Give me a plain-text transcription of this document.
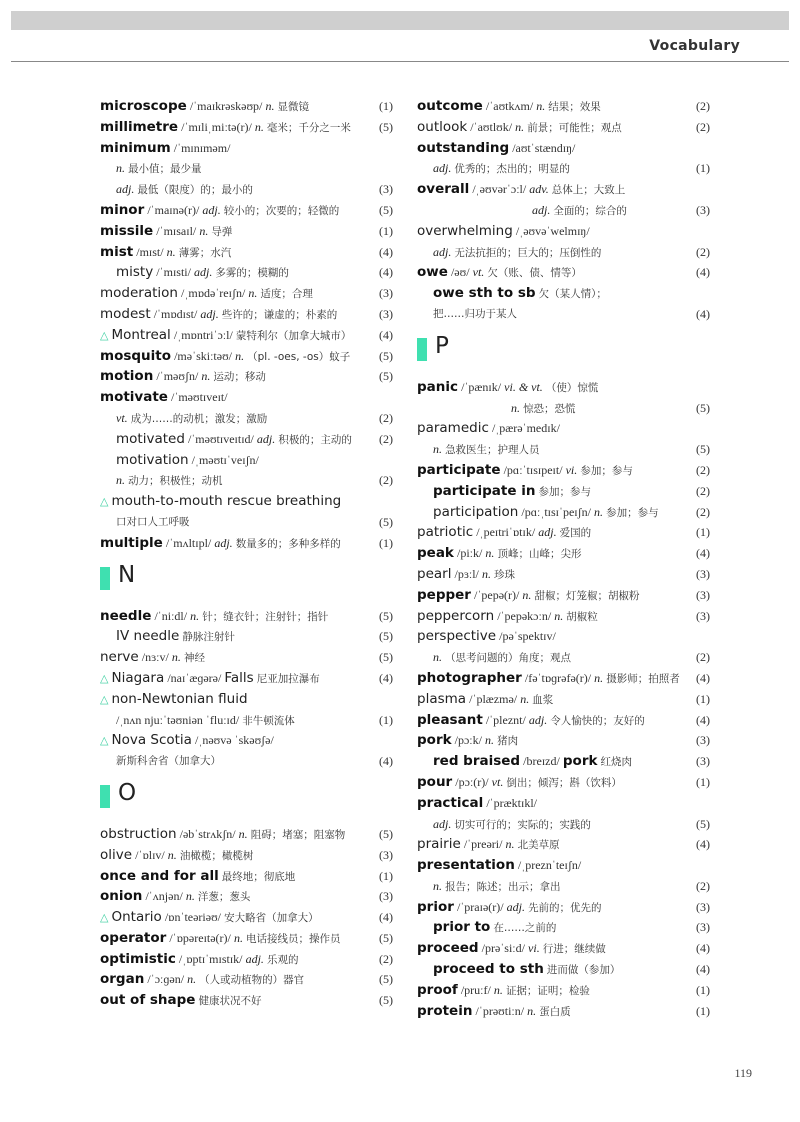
Vocabulary
microscope /ˈmaɪkrəskəʊp/ n. 显微镜	(1)
millimetre /ˈmɪliˌmiːtə(r)/ n. 毫米；千分之一米 (5)
minimum /ˈmɪnɪməm/
n. 最小值；最少量
adj. 最低（限度）的；最小的	(3)
minor /ˈmaɪnə(r)/ adj. 较小的；次要的；轻微的	(5)
missile /ˈmɪsaɪl/ n. 导弹	(1)
mist /mɪst/ n. 薄雾；水汽	(4)
misty /ˈmɪsti/ adj. 多雾的；模糊的	(4)
moderation /ˌmɒdəˈreɪʃn/ n. 适度；合理	(3)
modest /ˈmɒdɪst/ adj. 些许的；谦虚的；朴素的	(3)
△ Montreal /ˌmɒntriˈɔːl/ 蒙特利尔（加拿大城市） (4)
mosquito /məˈskiːtəʊ/ n. （pl. -oes, -os）蚊子 (5)
motion /ˈməʊʃn/ n. 运动；移动	(5)
motivate /ˈməʊtɪveɪt/
vt. 成为……的动机；激发；激励	(2)
motivated /ˈməʊtɪveɪtɪd/ adj. 积极的；主动的 (2)
motivation /ˌməʊtɪˈveɪʃn/
n. 动力；积极性；动机	(2)
△ mouth-to-mouth rescue breathing
口对口人工呼吸	(5)
multiple /ˈmʌltɪpl/ adj. 数量多的；多种多样的	(1)
N
needle /ˈniːdl/ n. 针；缝衣针；注射针；指针	(5)
IV needle 静脉注射针	(5)
nerve /nɜːv/ n. 神经	(5)
△ Niagara /naɪˈæɡərə/ Falls 尼亚加拉瀑布	(4)
△ non-Newtonian fluid
/ˌnʌn njuːˈtəʊniən ˈfluːɪd/ 非牛顿流体	(1)
△ Nova Scotia /ˌnəʊvə ˈskəʊʃə/
新斯科舍省（加拿大）	(4)
O
obstruction /əbˈstrʌkʃn/ n. 阻碍；堵塞；阻塞物	(5)
olive /ˈɒlɪv/ n. 油橄榄；橄榄树	(3)
once and for all 最终地；彻底地	(1)
onion /ˈʌnjən/ n. 洋葱；葱头	(3)
△ Ontario /ɒnˈteəriəʊ/ 安大略省（加拿大）	(4)
operator /ˈɒpəreɪtə(r)/ n. 电话接线员；操作员	(5)
optimistic /ˌɒptɪˈmɪstɪk/ adj. 乐观的	(2)
organ /ˈɔːɡən/ n. （人或动植物的）器官	(5)
out of shape 健康状况不好	(5)
outcome /ˈaʊtkʌm/ n. 结果；效果	(2)
outlook /ˈaʊtlʊk/ n. 前景；可能性；观点	(2)
outstanding /aʊtˈstændɪŋ/
adj. 优秀的；杰出的；明显的	(1)
overall /ˌəʊvərˈɔːl/ adv. 总体上；大致上
adj. 全面的；综合的	(3)
overwhelming /ˌəʊvəˈwelmɪŋ/
adj. 无法抗拒的；巨大的；压倒性的	(2)
owe /əʊ/ vt. 欠（账、债、情等）	(4)
owe sth to sb 欠（某人情）；
把……归功于某人	(4)
P
panic /ˈpænɪk/ vi. & vt. （使）惊慌
n. 惊恐；恐慌	(5)
paramedic /ˌpærəˈmedɪk/
n. 急救医生；护理人员	(5)
participate /pɑːˈtɪsɪpeɪt/ vi. 参加；参与	(2)
participate in 参加；参与	(2)
participation /pɑːˌtɪsɪˈpeɪʃn/ n. 参加；参与	(2)
patriotic /ˌpeɪtriˈɒtɪk/ adj. 爱国的	(1)
peak /piːk/ n. 顶峰；山峰；尖形	(4)
pearl /pɜːl/ n. 珍珠	(3)
pepper /ˈpepə(r)/ n. 甜椒；灯笼椒；胡椒粉	(3)
peppercorn /ˈpepəkɔːn/ n. 胡椒粒	(3)
perspective /pəˈspektɪv/
n. （思考问题的）角度；观点	(2)
photographer /fəˈtɒɡrəfə(r)/ n. 摄影师；拍照者 (4)
plasma /ˈplæzmə/ n. 血浆	(1)
pleasant /ˈpleznt/ adj. 令人愉快的；友好的	(4)
pork /pɔːk/ n. 猪肉	(3)
red braised /breɪzd/ pork 红烧肉	(3)
pour /pɔː(r)/ vt. 倒出；倾泻；斟（饮料）	(1)
practical /ˈpræktɪkl/
adj. 切实可行的；实际的；实践的	(5)
prairie /ˈpreəri/ n. 北美草原	(4)
presentation /ˌpreznˈteɪʃn/
n. 报告；陈述；出示；拿出	(2)
prior /ˈpraɪə(r)/ adj. 先前的；优先的	(3)
prior to 在……之前的	(3)
proceed /prəˈsiːd/ vi. 行进；继续做	(4)
proceed to sth 进而做（参加）	(4)
proof /pruːf/ n. 证据；证明；检验	(1)
protein /ˈprəʊtiːn/ n. 蛋白质	(1)
119
